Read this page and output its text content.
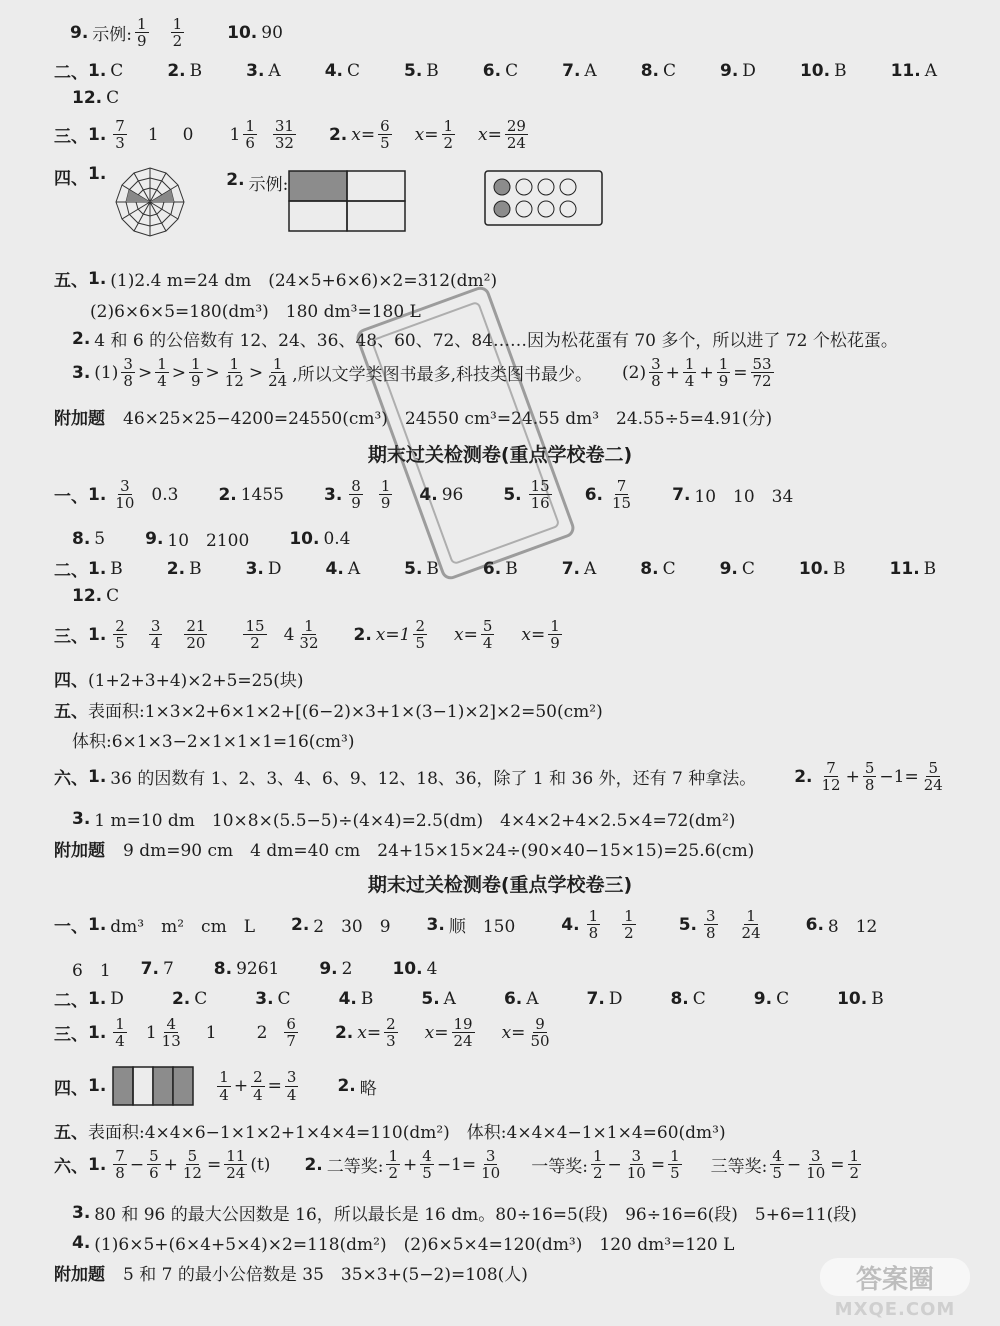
9. 示例: $\frac{1}{9} \frac{1}{2}$	10. 90
二、 1. C	2. B	3. A	4. C	5. B	6. C	7. A	8. C	9. D	10. B	11. A
12. C
三、 1. $\frac{7}{3} 1$ 0 $1 \frac{1}{6} \frac{31}{32} 2$. $x= \frac{6}{5} x= \frac{1}{2} x= \frac{29}{24}$
四、 1.	2. 示例:
五、 1. (1)2.4 m=24 dm　(24×5+6×6)×2=312(dm²)
(2)6×6×5=180(dm³)　180 dm³=180 L
2. 4 和 6 的公倍数有 12、24、36、48、60、72、84……因为松花蛋有 70 多个，所以进了 72 个松花蛋。
3. $(1) \frac{3}{8} > \frac{1}{4} > \frac{1}{9} > \frac{1}{12} > \frac{1}{24}$ ,所以文学类图书最多,科技类图书最少。 $(2) \frac{3}{8} + \frac{1}{4} + \frac{1}{9} = \frac{53}{72}$
附加题 46×25×25−4200=24550(cm³)　24550 cm³=24.55 dm³　24.55÷5=4.91(分)
期末过关检测卷(重点学校卷二)
一、 1. $\frac{3}{10} 0.3$ 2. 1455 3. $\frac{8}{9} \frac{1}{9} 4$. 96 5. $\frac{15}{16} 6$. $\frac{7}{15} 7$. 10　10　34
8. 5 9. 10　2100 10. 0.4
二、 1. B	2. B	3. D	4. A	5. B	6. B	7. A	8. C	9. C	10. B	11. B
12. C
三、 1. $\frac{2}{5} \frac{3}{4} \frac{21}{20} \frac{15}{2} 4 \frac{1}{32} 2$. $x=1 \frac{2}{5} x= \frac{5}{4} x= \frac{1}{9}$
四、 (1+2+3+4)×2+5=25(块)
五、 表面积:1×3×2+6×1×2+[(6−2)×3+1×(3−1)×2]×2=50(cm²)
体积:6×1×3−2×1×1×1=16(cm³)
六、 1. 36 的因数有 1、2、3、4、6、9、12、18、36，除了 1 和 36 外，还有 7 种拿法。 2. $\frac{7}{12} + \frac{5}{8} -1= \frac{5}{24}$
3. 1 m=10 dm　10×8×(5.5−5)÷(4×4)=2.5(dm)　4×4×2+4×2.5×4=72(dm²)
附加题 9 dm=90 cm　4 dm=40 cm　24+15×15×24÷(90×40−15×15)=25.6(cm)
期末过关检测卷(重点学校卷三)
一、 1. dm³　m²　cm　L 2. 2　30　9 3. 顺　150	4. $\frac{1}{8} \frac{1}{2}$	5. $\frac{3}{8} \frac{1}{24}$	6. 8　12
6　1 7. 7 8. 9261 9. 2 10. 4
二、 1. D	2. C	3. C	4. B	5. A	6. A	7. D	8. C	9. C	10. B
三、 1. $\frac{1}{4} 1 \frac{4}{13} 1$ $2 \frac{6}{7} 2$. $x= \frac{2}{3} x= \frac{19}{24} x= \frac{9}{50}$
四、 1.	$\frac{1}{4} + \frac{2}{4} = \frac{3}{4} 2$. 略
五、 表面积:4×4×6−1×1×2+1×4×4=110(dm²)　体积:4×4×4−1×1×4=60(dm³)
六、 1. $\frac{7}{8} - \frac{5}{6} + \frac{5}{12} = \frac{11}{24} (t)$ 2. 二等奖: $\frac{1}{2} + \frac{4}{5} -1= \frac{3}{10}$ 一等奖: $\frac{1}{2} - \frac{3}{10} = \frac{1}{5}$ 三等奖: $\frac{4}{5} - \frac{3}{10} = \frac{1}{2}$
3. 80 和 96 的最大公因数是 16，所以最长是 16 dm。80÷16=5(段)　96÷16=6(段)　5+6=11(段)
4. (1)6×5+(6×4+5×4)×2=118(dm²)　(2)6×5×4=120(dm³)　120 dm³=120 L
附加题 5 和 7 的最小公倍数是 35　35×3+(5−2)=108(人)	答案圈
MXQE.COM
